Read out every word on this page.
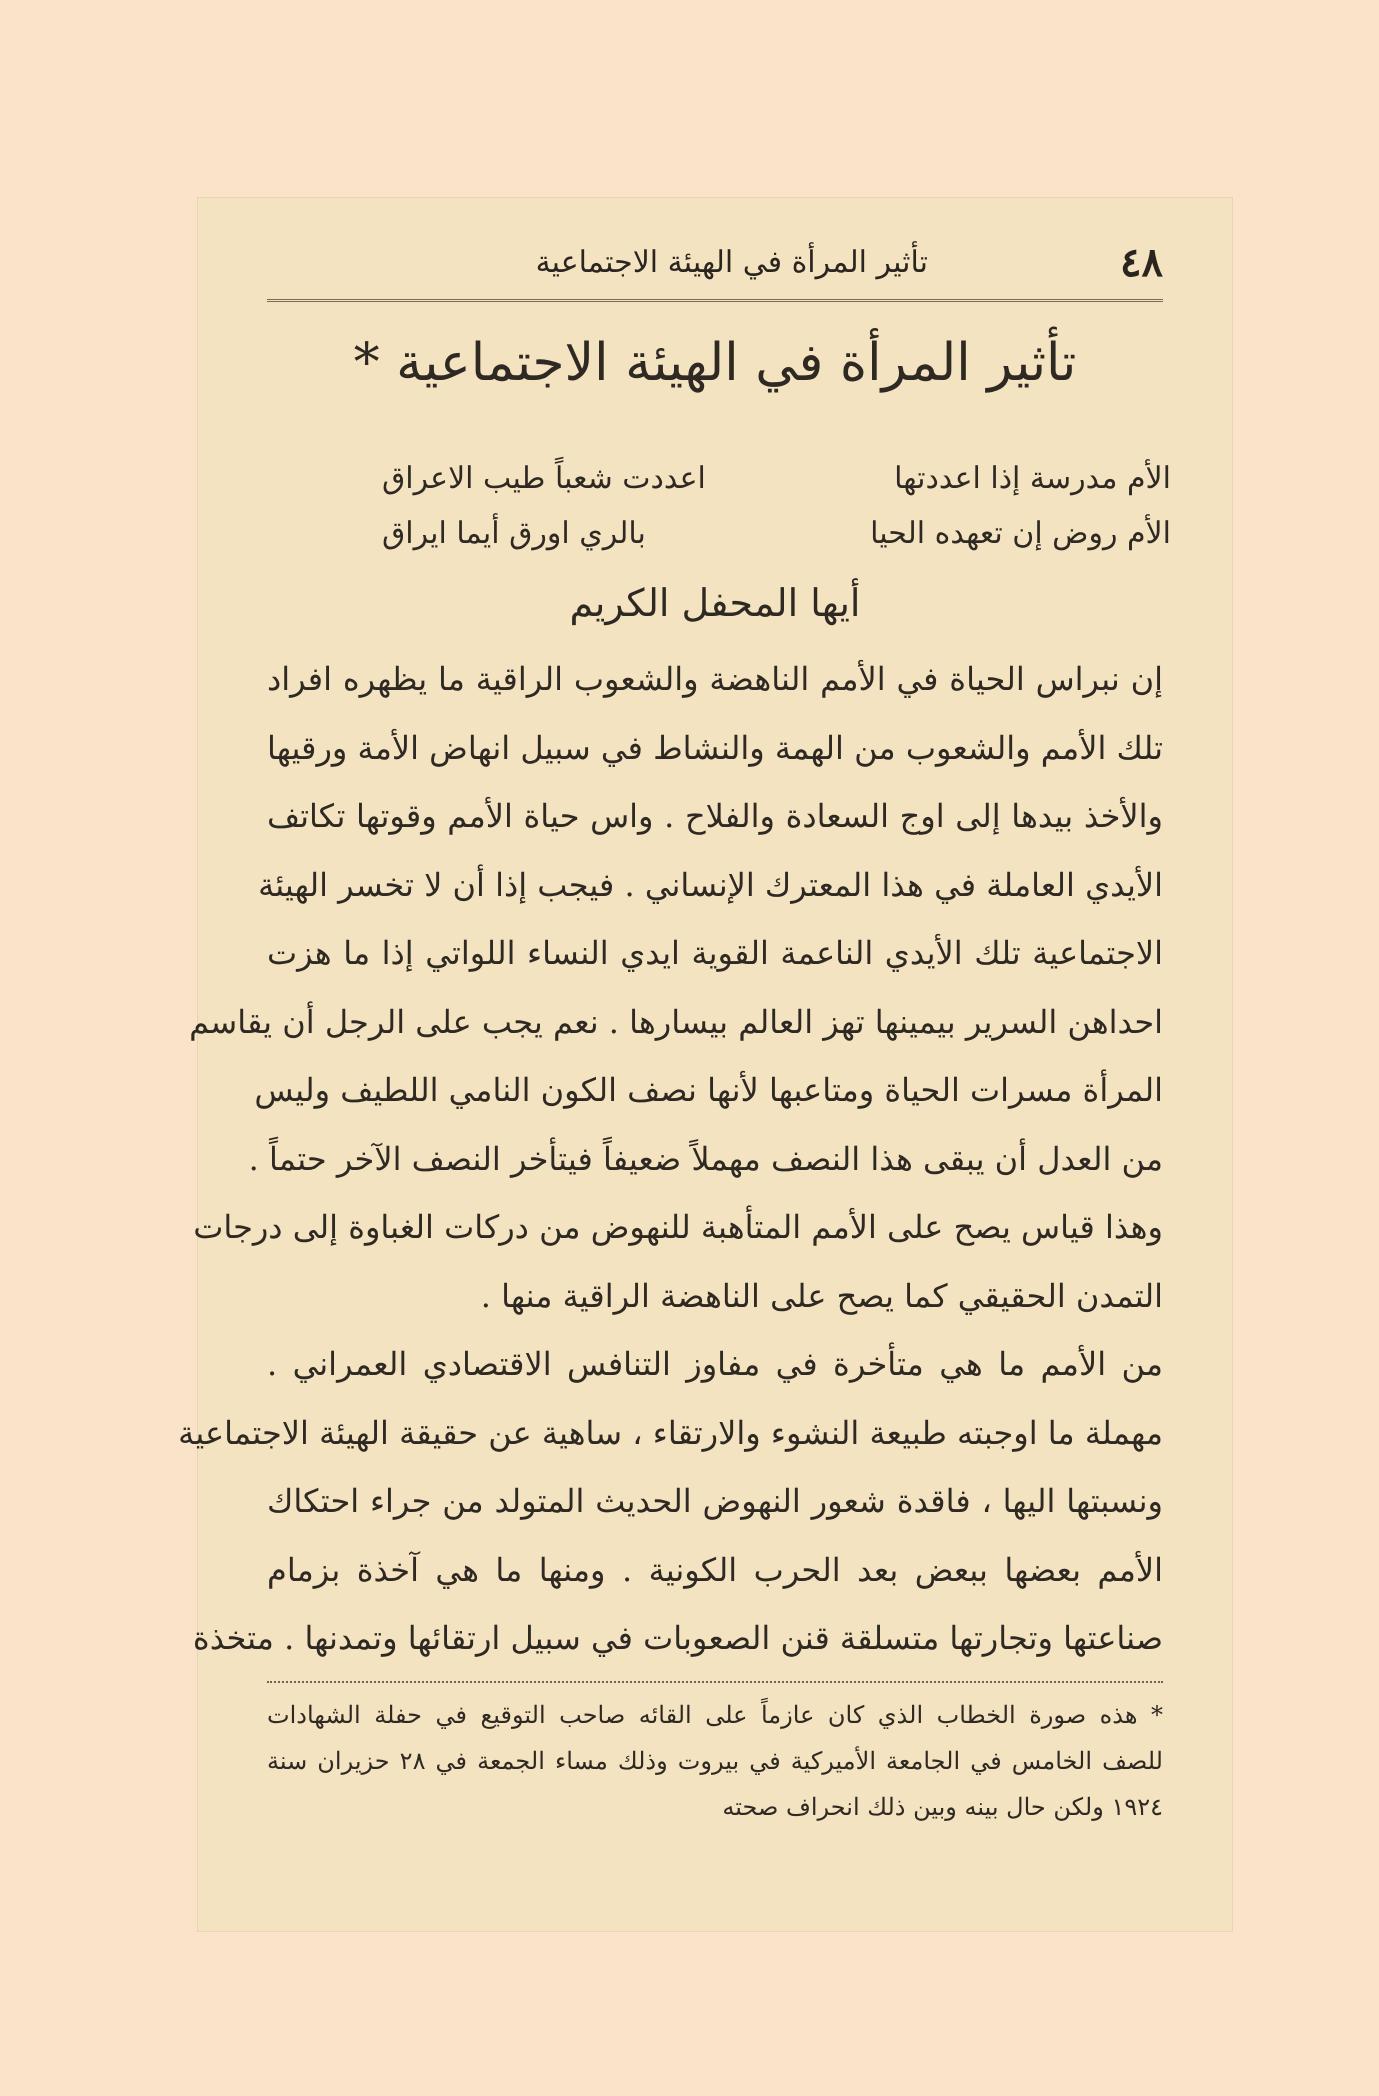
٤٨
تأثير المرأة في الهيئة الاجتماعية
تأثير المرأة في الهيئة الاجتماعية *
الأم مدرسة إذا اعددتها
اعددت شعباً طيب الاعراق
الأم روض إن تعهده الحيا
بالري اورق أيما ايراق
أيها المحفل الكريم
إن نبراس الحياة في الأمم الناهضة والشعوب الراقية ما يظهره افراد
تلك الأمم والشعوب من الهمة والنشاط في سبيل انهاض الأمة ورقيها
والأخذ بيدها إلى اوج السعادة والفلاح . واس حياة الأمم وقوتها تكاتف
الأيدي العاملة في هذا المعترك الإنساني . فيجب إذا أن لا تخسر الهيئة
الاجتماعية تلك الأيدي الناعمة القوية ايدي النساء اللواتي إذا ما هزت
احداهن السرير بيمينها تهز العالم بيسارها . نعم يجب على الرجل أن يقاسم
المرأة مسرات الحياة ومتاعبها لأنها نصف الكون النامي اللطيف وليس
من العدل أن يبقى هذا النصف مهملاً ضعيفاً فيتأخر النصف الآخر حتماً .
وهذا قياس يصح على الأمم المتأهبة للنهوض من دركات الغباوة إلى درجات
التمدن الحقيقي كما يصح على الناهضة الراقية منها .
من الأمم ما هي متأخرة في مفاوز التنافس الاقتصادي العمراني .
مهملة ما اوجبته طبيعة النشوء والارتقاء ، ساهية عن حقيقة الهيئة الاجتماعية
ونسبتها اليها ، فاقدة شعور النهوض الحديث المتولد من جراء احتكاك
الأمم بعضها ببعض بعد الحرب الكونية . ومنها ما هي آخذة بزمام
صناعتها وتجارتها متسلقة قنن الصعوبات في سبيل ارتقائها وتمدنها . متخذة
* هذه صورة الخطاب الذي كان عازماً على القائه صاحب التوقيع في حفلة الشهادات
للصف الخامس في الجامعة الأميركية في بيروت وذلك مساء الجمعة في ٢٨ حزيران سنة
١٩٢٤ ولكن حال بينه وبين ذلك انحراف صحته
